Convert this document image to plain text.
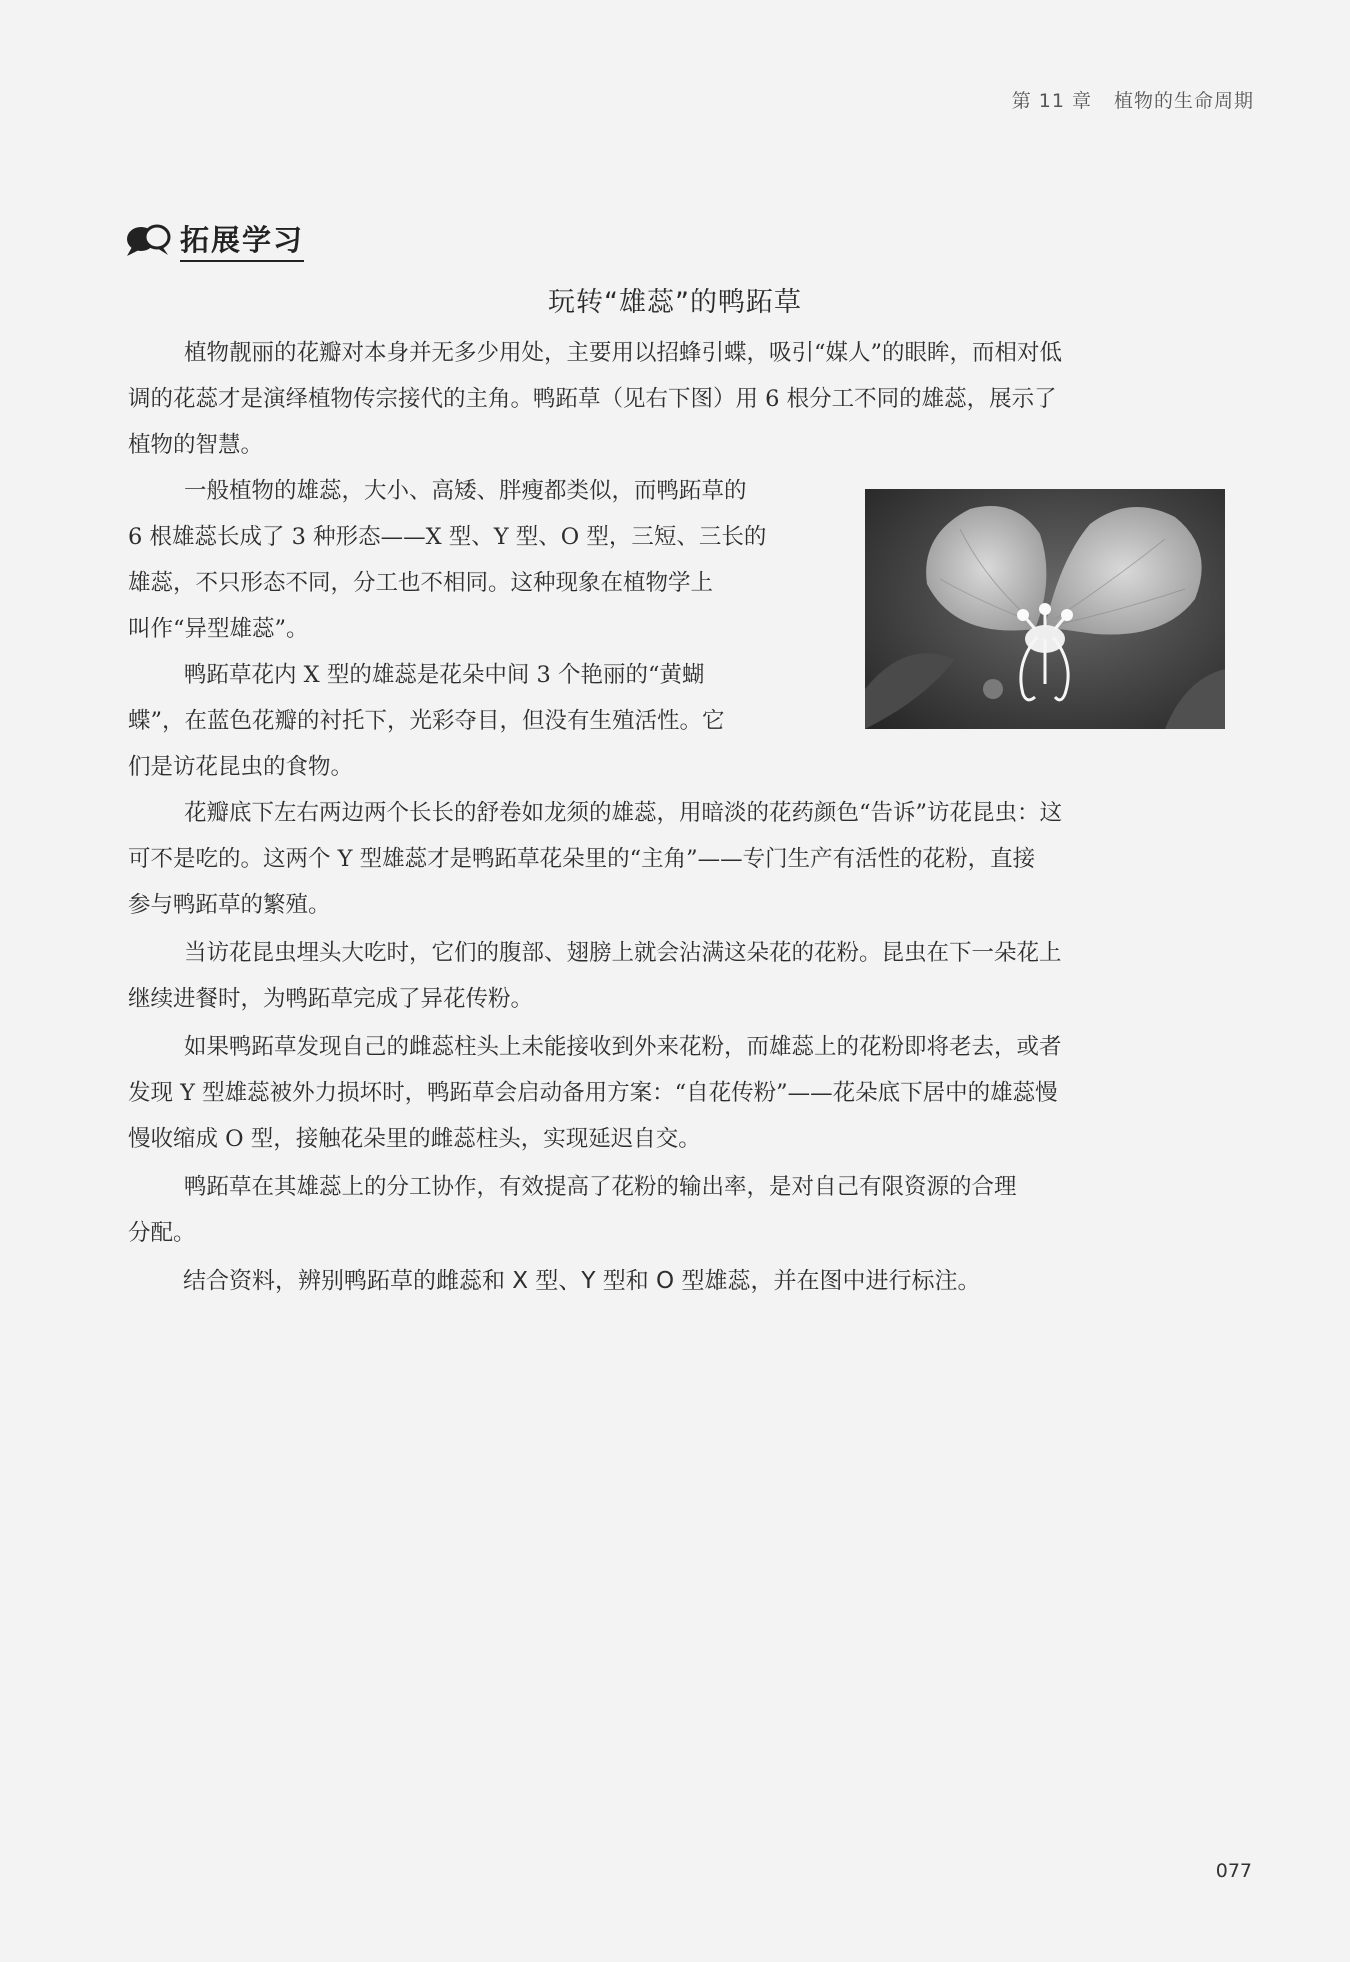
第 11 章 植物的生命周期
拓展学习
玩转“雄蕊”的鸭跖草

植物靓丽的花瓣对本身并无多少用处，主要用以招蜂引蝶，吸引“媒人”的眼眸，而相对低
调的花蕊才是演绎植物传宗接代的主角。鸭跖草（见右下图）用 6 根分工不同的雄蕊，展示了
植物的智慧。

一般植物的雄蕊，大小、高矮、胖瘦都类似，而鸭跖草的
6 根雄蕊长成了 3 种形态——X 型、Y 型、O 型，三短、三长的
雄蕊，不只形态不同，分工也不相同。这种现象在植物学上
叫作“异型雄蕊”。

鸭跖草花内 X 型的雄蕊是花朵中间 3 个艳丽的“黄蝴
蝶”，在蓝色花瓣的衬托下，光彩夺目，但没有生殖活性。它
们是访花昆虫的食物。

花瓣底下左右两边两个长长的舒卷如龙须的雄蕊，用暗淡的花药颜色“告诉”访花昆虫：这
可不是吃的。这两个 Y 型雄蕊才是鸭跖草花朵里的“主角”——专门生产有活性的花粉，直接
参与鸭跖草的繁殖。

当访花昆虫埋头大吃时，它们的腹部、翅膀上就会沾满这朵花的花粉。昆虫在下一朵花上
继续进餐时，为鸭跖草完成了异花传粉。

如果鸭跖草发现自己的雌蕊柱头上未能接收到外来花粉，而雄蕊上的花粉即将老去，或者
发现 Y 型雄蕊被外力损坏时，鸭跖草会启动备用方案：“自花传粉”——花朵底下居中的雄蕊慢
慢收缩成 O 型，接触花朵里的雌蕊柱头，实现延迟自交。

鸭跖草在其雄蕊上的分工协作，有效提高了花粉的输出率，是对自己有限资源的合理
分配。

结合资料，辨别鸭跖草的雌蕊和 X 型、Y 型和 O 型雄蕊，并在图中进行标注。
077
